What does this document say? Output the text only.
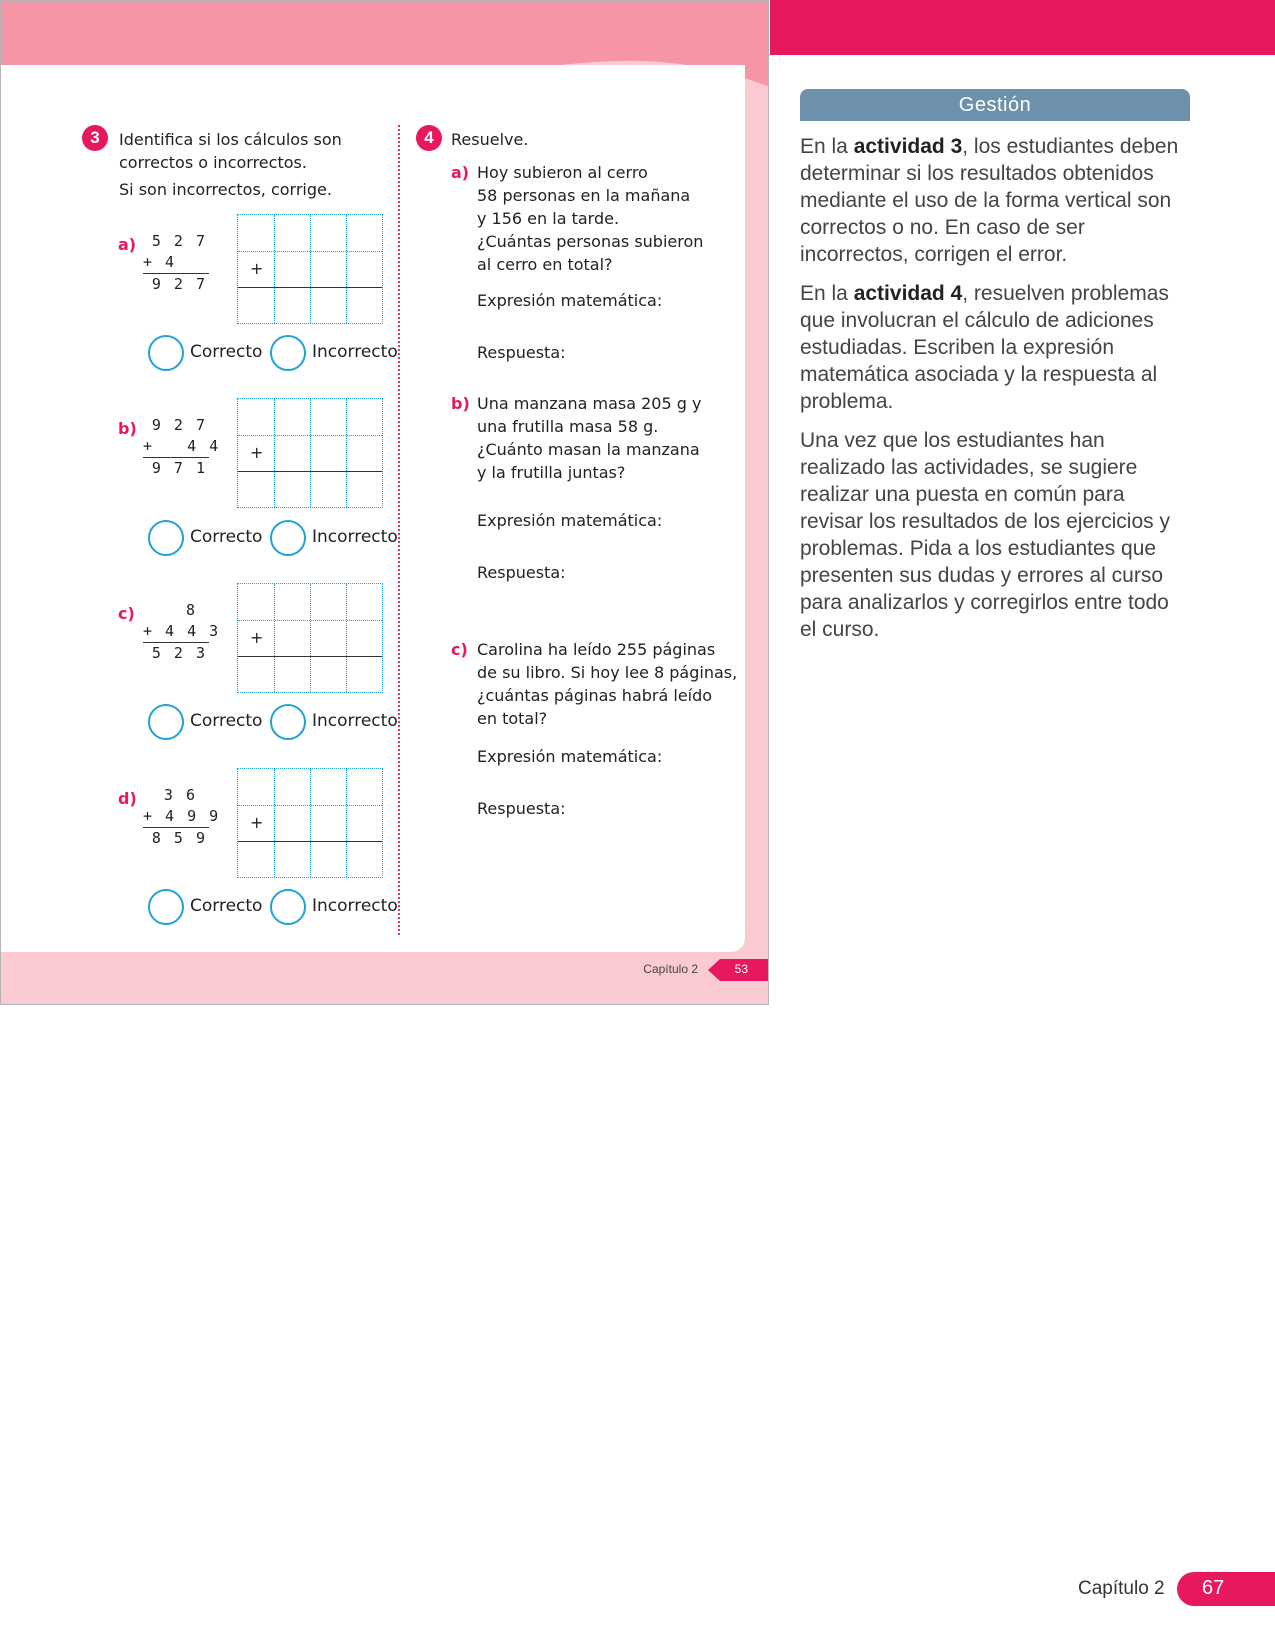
3	Identifica si los cálculos son
correctos o incorrectos.
Si son incorrectos, corrige.
a)	5 2 7
+ 4
9 2 7
+
Correcto	Incorrecto
b)	9 2 7
+   4 4
9 7 1
+
Correcto	Incorrecto
c)	8
+ 4 4 3
5 2 3
+
Correcto	Incorrecto
d)	3 6
+ 4 9 9
8 5 9
+
Correcto	Incorrecto
4	Resuelve.
a) Hoy subieron al cerro
58 personas en la mañana
y 156 en la tarde.
¿Cuántas personas subieron
al cerro en total?
Expresión matemática:
Respuesta:
b) Una manzana masa 205 g y
una frutilla masa 58 g.
¿Cuánto masan la manzana
y la frutilla juntas?
Expresión matemática:
Respuesta:
c) Carolina ha leído 255 páginas
de su libro. Si hoy lee 8 páginas,
¿cuántas páginas habrá leído
en total?
Expresión matemática:
Respuesta:
Capítulo 2	53
Gestión
En la actividad 3, los estudiantes deben determinar si los resultados obtenidos mediante el uso de la forma vertical son correctos o no. En caso de ser incorrectos, corrigen el error.
En la actividad 4, resuelven problemas que involucran el cálculo de adiciones estudiadas. Escriben la expresión matemática asociada y la respuesta al problema.
Una vez que los estudiantes han realizado las actividades, se sugiere realizar una puesta en común para revisar los resultados de los ejercicios y problemas. Pida a los estudiantes que presenten sus dudas y errores al curso para analizarlos y corregirlos entre todo el curso.
Capítulo 2 67
